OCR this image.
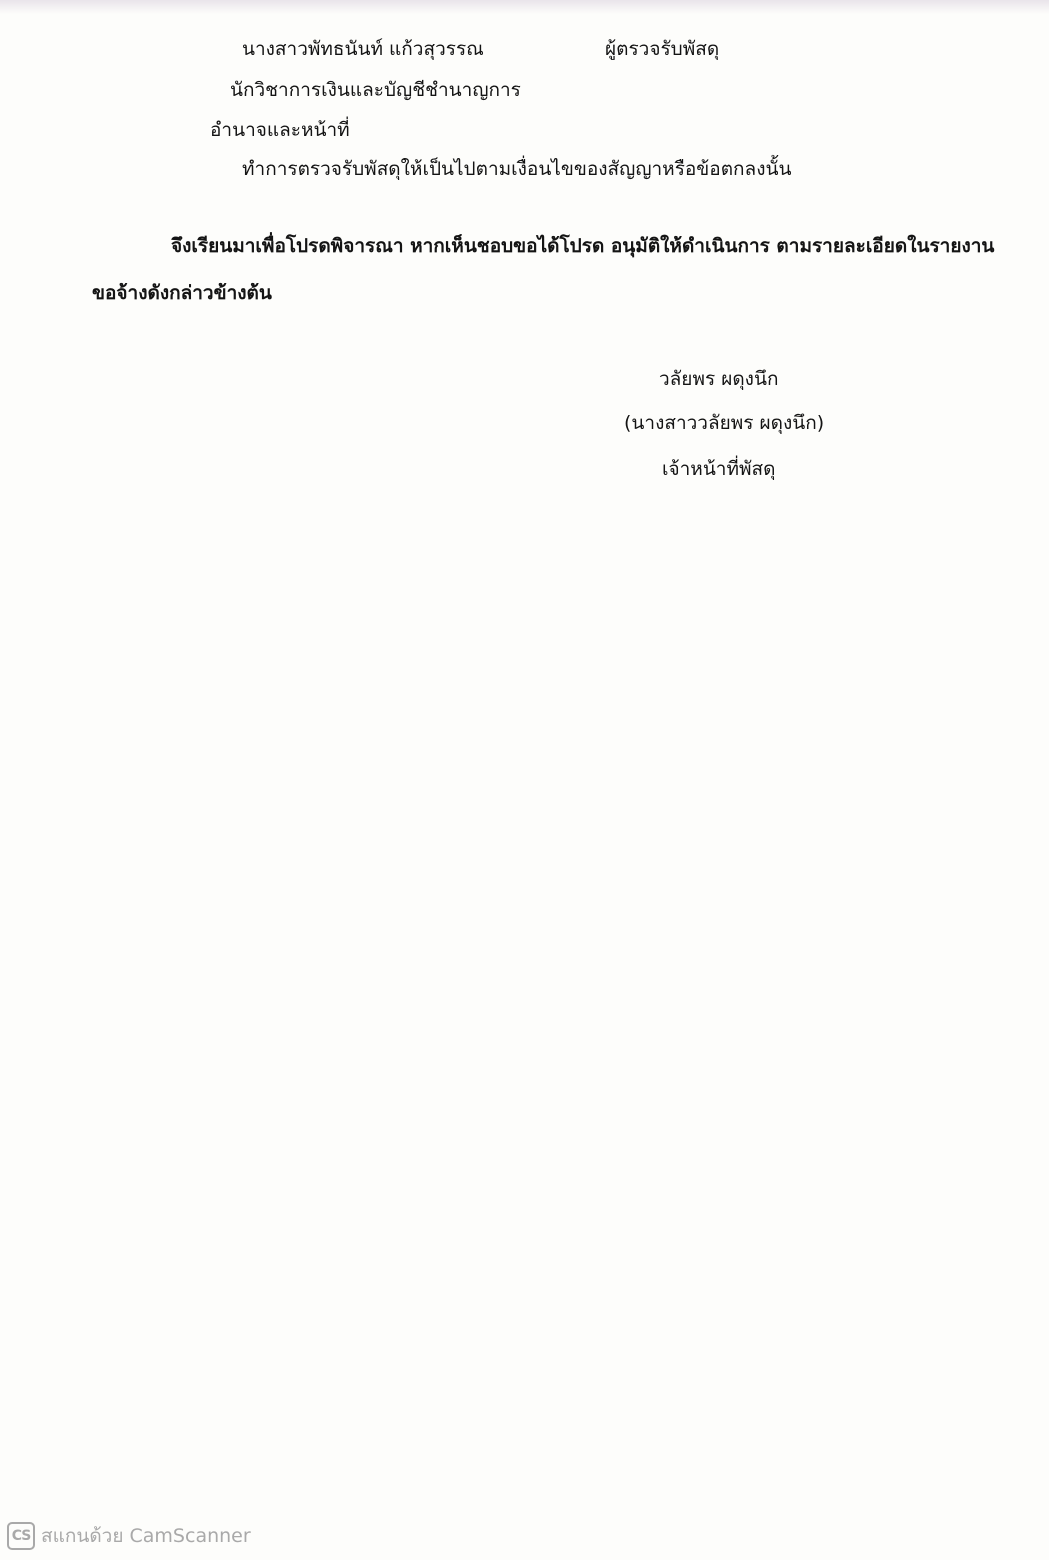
นางสาวพัทธนันท์ แก้วสุวรรณ	ผู้ตรวจรับพัสดุ
นักวิชาการเงินและบัญชีชำนาญการ
อำนาจและหน้าที่
ทำการตรวจรับพัสดุให้เป็นไปตามเงื่อนไขของสัญญาหรือข้อตกลงนั้น
จึงเรียนมาเพื่อโปรดพิจารณา หากเห็นชอบขอได้โปรด อนุมัติให้ดำเนินการ ตามรายละเอียดในรายงาน
ขอจ้างดังกล่าวข้างต้น
วลัยพร ผดุงนึก
(นางสาววลัยพร ผดุงนึก)
เจ้าหน้าที่พัสดุ
CS สแกนด้วย CamScanner
